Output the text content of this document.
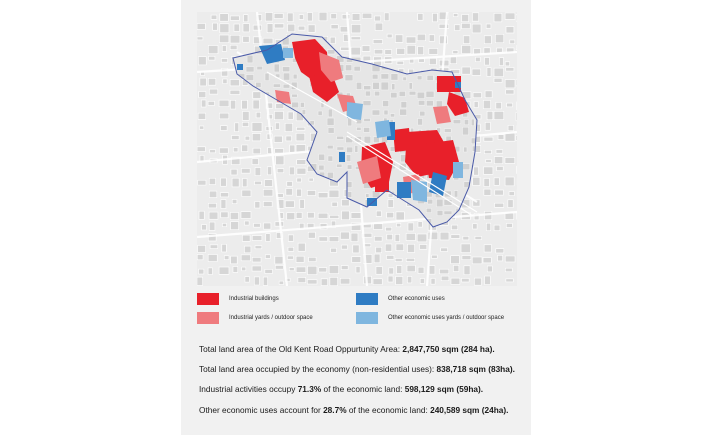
Industrial buildings
Industrial yards / outdoor space
Other economic uses
Other economic uses yards / outdoor space
Total land area of the Old Kent Road Oppurtunity Area: 2,847,750 sqm (284 ha).
Total land area occupied by the economy (non-residential uses): 838,718 sqm (83ha).
Industrial activities occupy 71.3% of the economic land: 598,129 sqm (59ha).
Other economic uses account for 28.7% of the economic land: 240,589 sqm (24ha).
